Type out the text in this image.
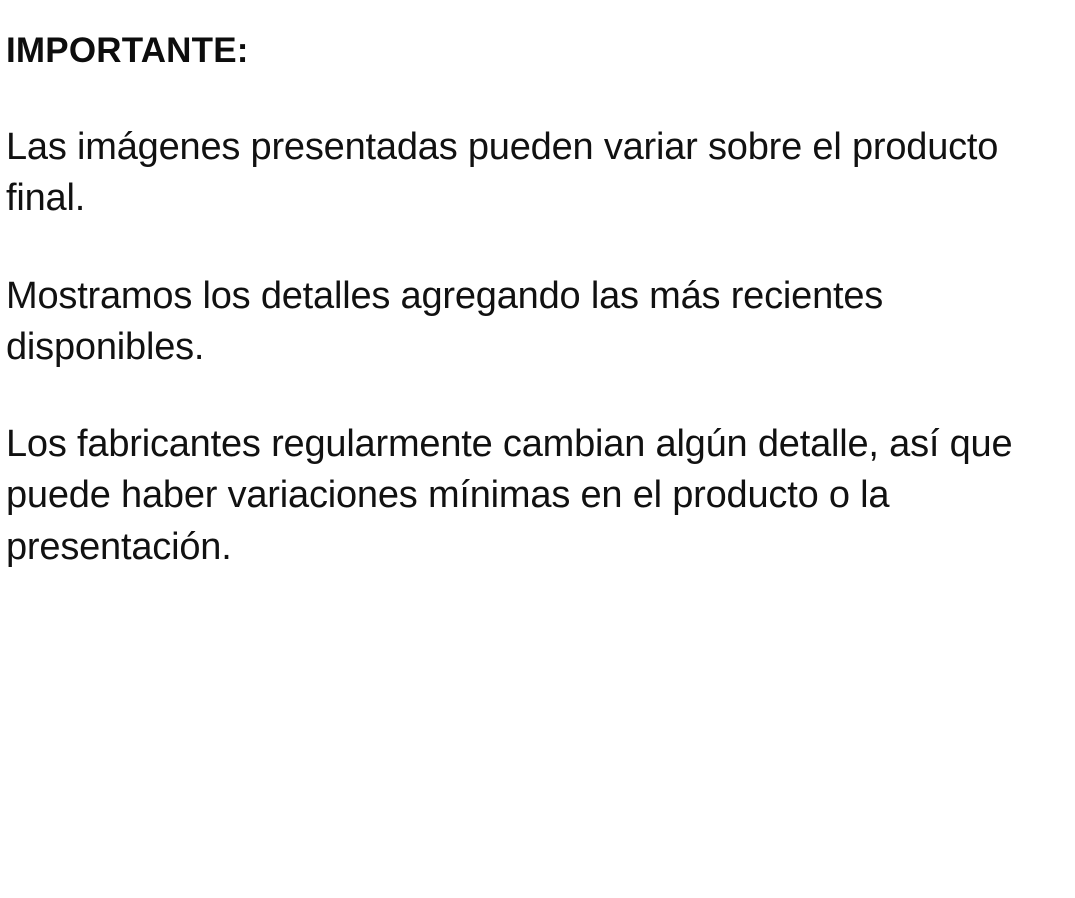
IMPORTANTE:

Las imágenes presentadas pueden variar sobre el producto final.

Mostramos los detalles agregando las más recientes disponibles.

Los fabricantes regularmente cambian algún detalle, así que puede haber variaciones mínimas en el producto o la presentación.
